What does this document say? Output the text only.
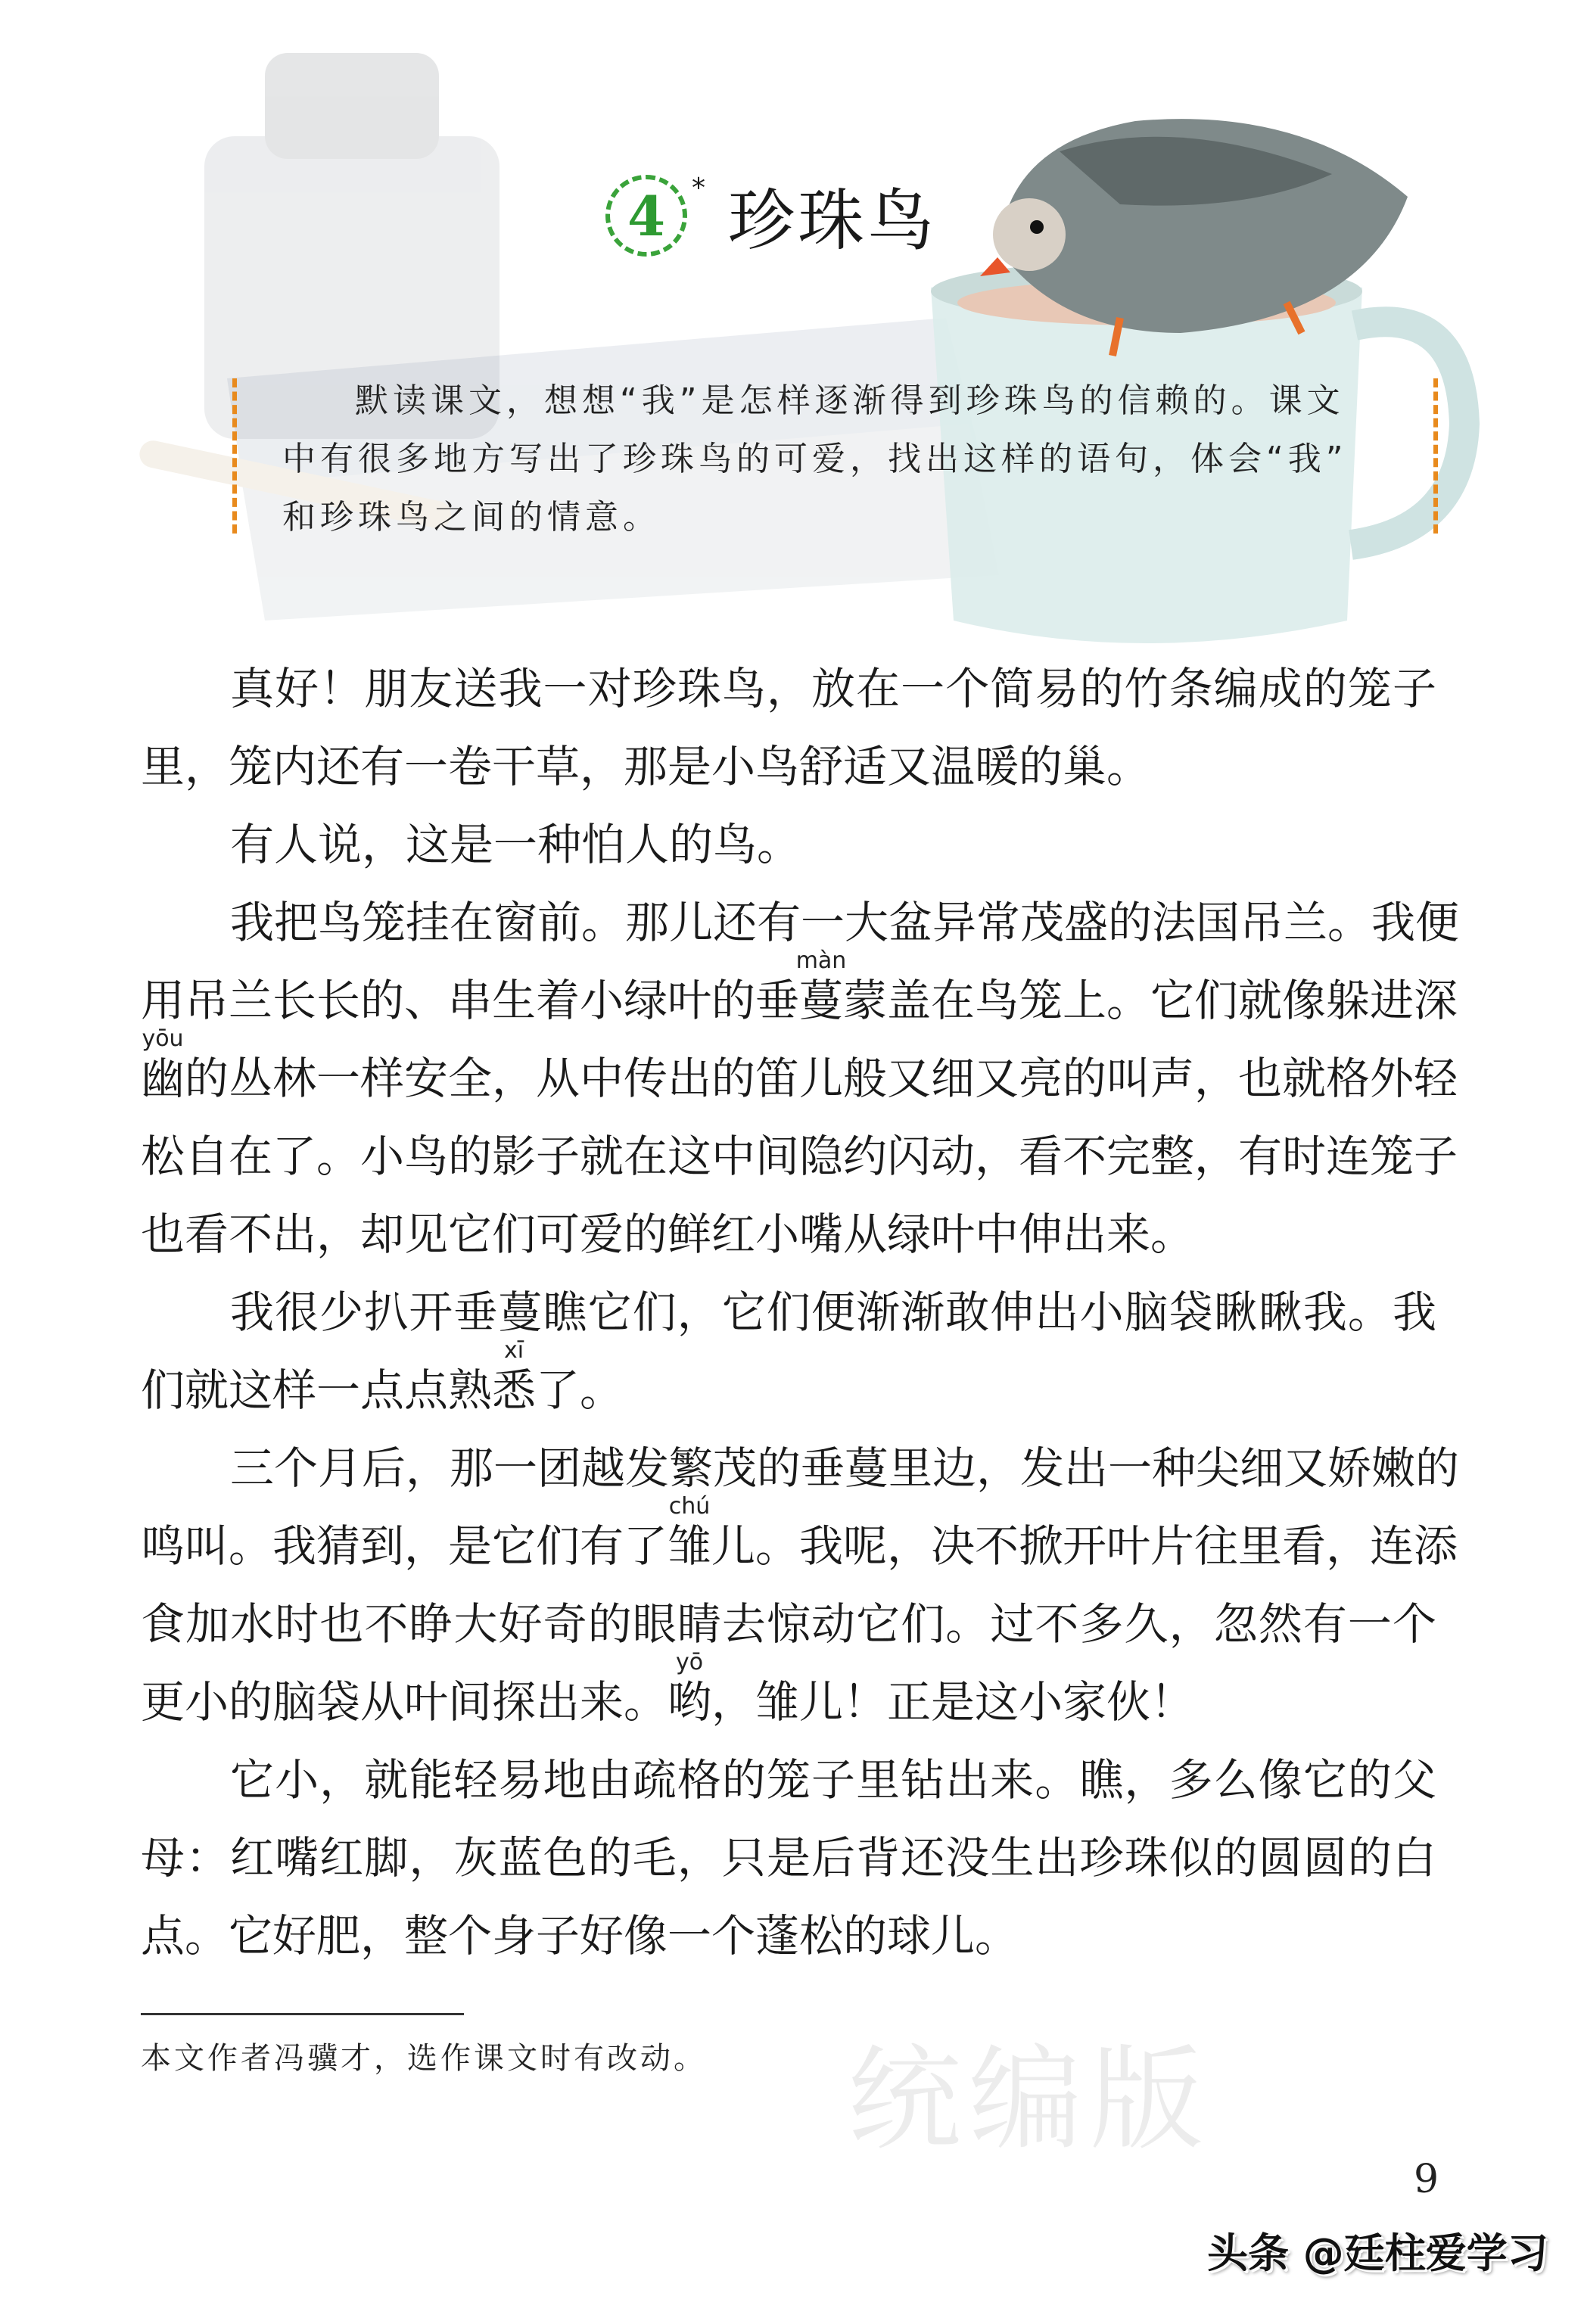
统编版
4 * 珍珠鸟
默读课文，想想“我”是怎样逐渐得到珍珠鸟的信赖的。课文
中有很多地方写出了珍珠鸟的可爱，找出这样的语句，体会“我”
和珍珠鸟之间的情意。
真好！朋友送我一对珍珠鸟，放在一个简易的竹条编成的笼子
里，笼内还有一卷干草，那是小鸟舒适又温暖的巢。
有人说，这是一种怕人的鸟。
我把鸟笼挂在窗前。那儿还有一大盆异常茂盛的法国吊兰。我便
用吊兰长长的、串生着小绿叶的垂蔓蒙盖在鸟笼上。它们就像躲进深
màn
幽的丛林一样安全，从中传出的笛儿般又细又亮的叫声，也就格外轻
yōu
松自在了。小鸟的影子就在这中间隐约闪动，看不完整，有时连笼子
也看不出，却见它们可爱的鲜红小嘴从绿叶中伸出来。
我很少扒开垂蔓瞧它们，它们便渐渐敢伸出小脑袋瞅瞅我。我
们就这样一点点熟悉了。
xī
三个月后，那一团越发繁茂的垂蔓里边，发出一种尖细又娇嫩的
鸣叫。我猜到，是它们有了雏儿。我呢，决不掀开叶片往里看，连添
chú
食加水时也不睁大好奇的眼睛去惊动它们。过不多久，忽然有一个
更小的脑袋从叶间探出来。哟，雏儿！正是这小家伙！
yō
它小，就能轻易地由疏格的笼子里钻出来。瞧，多么像它的父
母：红嘴红脚，灰蓝色的毛，只是后背还没生出珍珠似的圆圆的白
点。它好肥，整个身子好像一个蓬松的球儿。
本文作者冯骥才，选作课文时有改动。
9
头条 @廷柱爱学习
